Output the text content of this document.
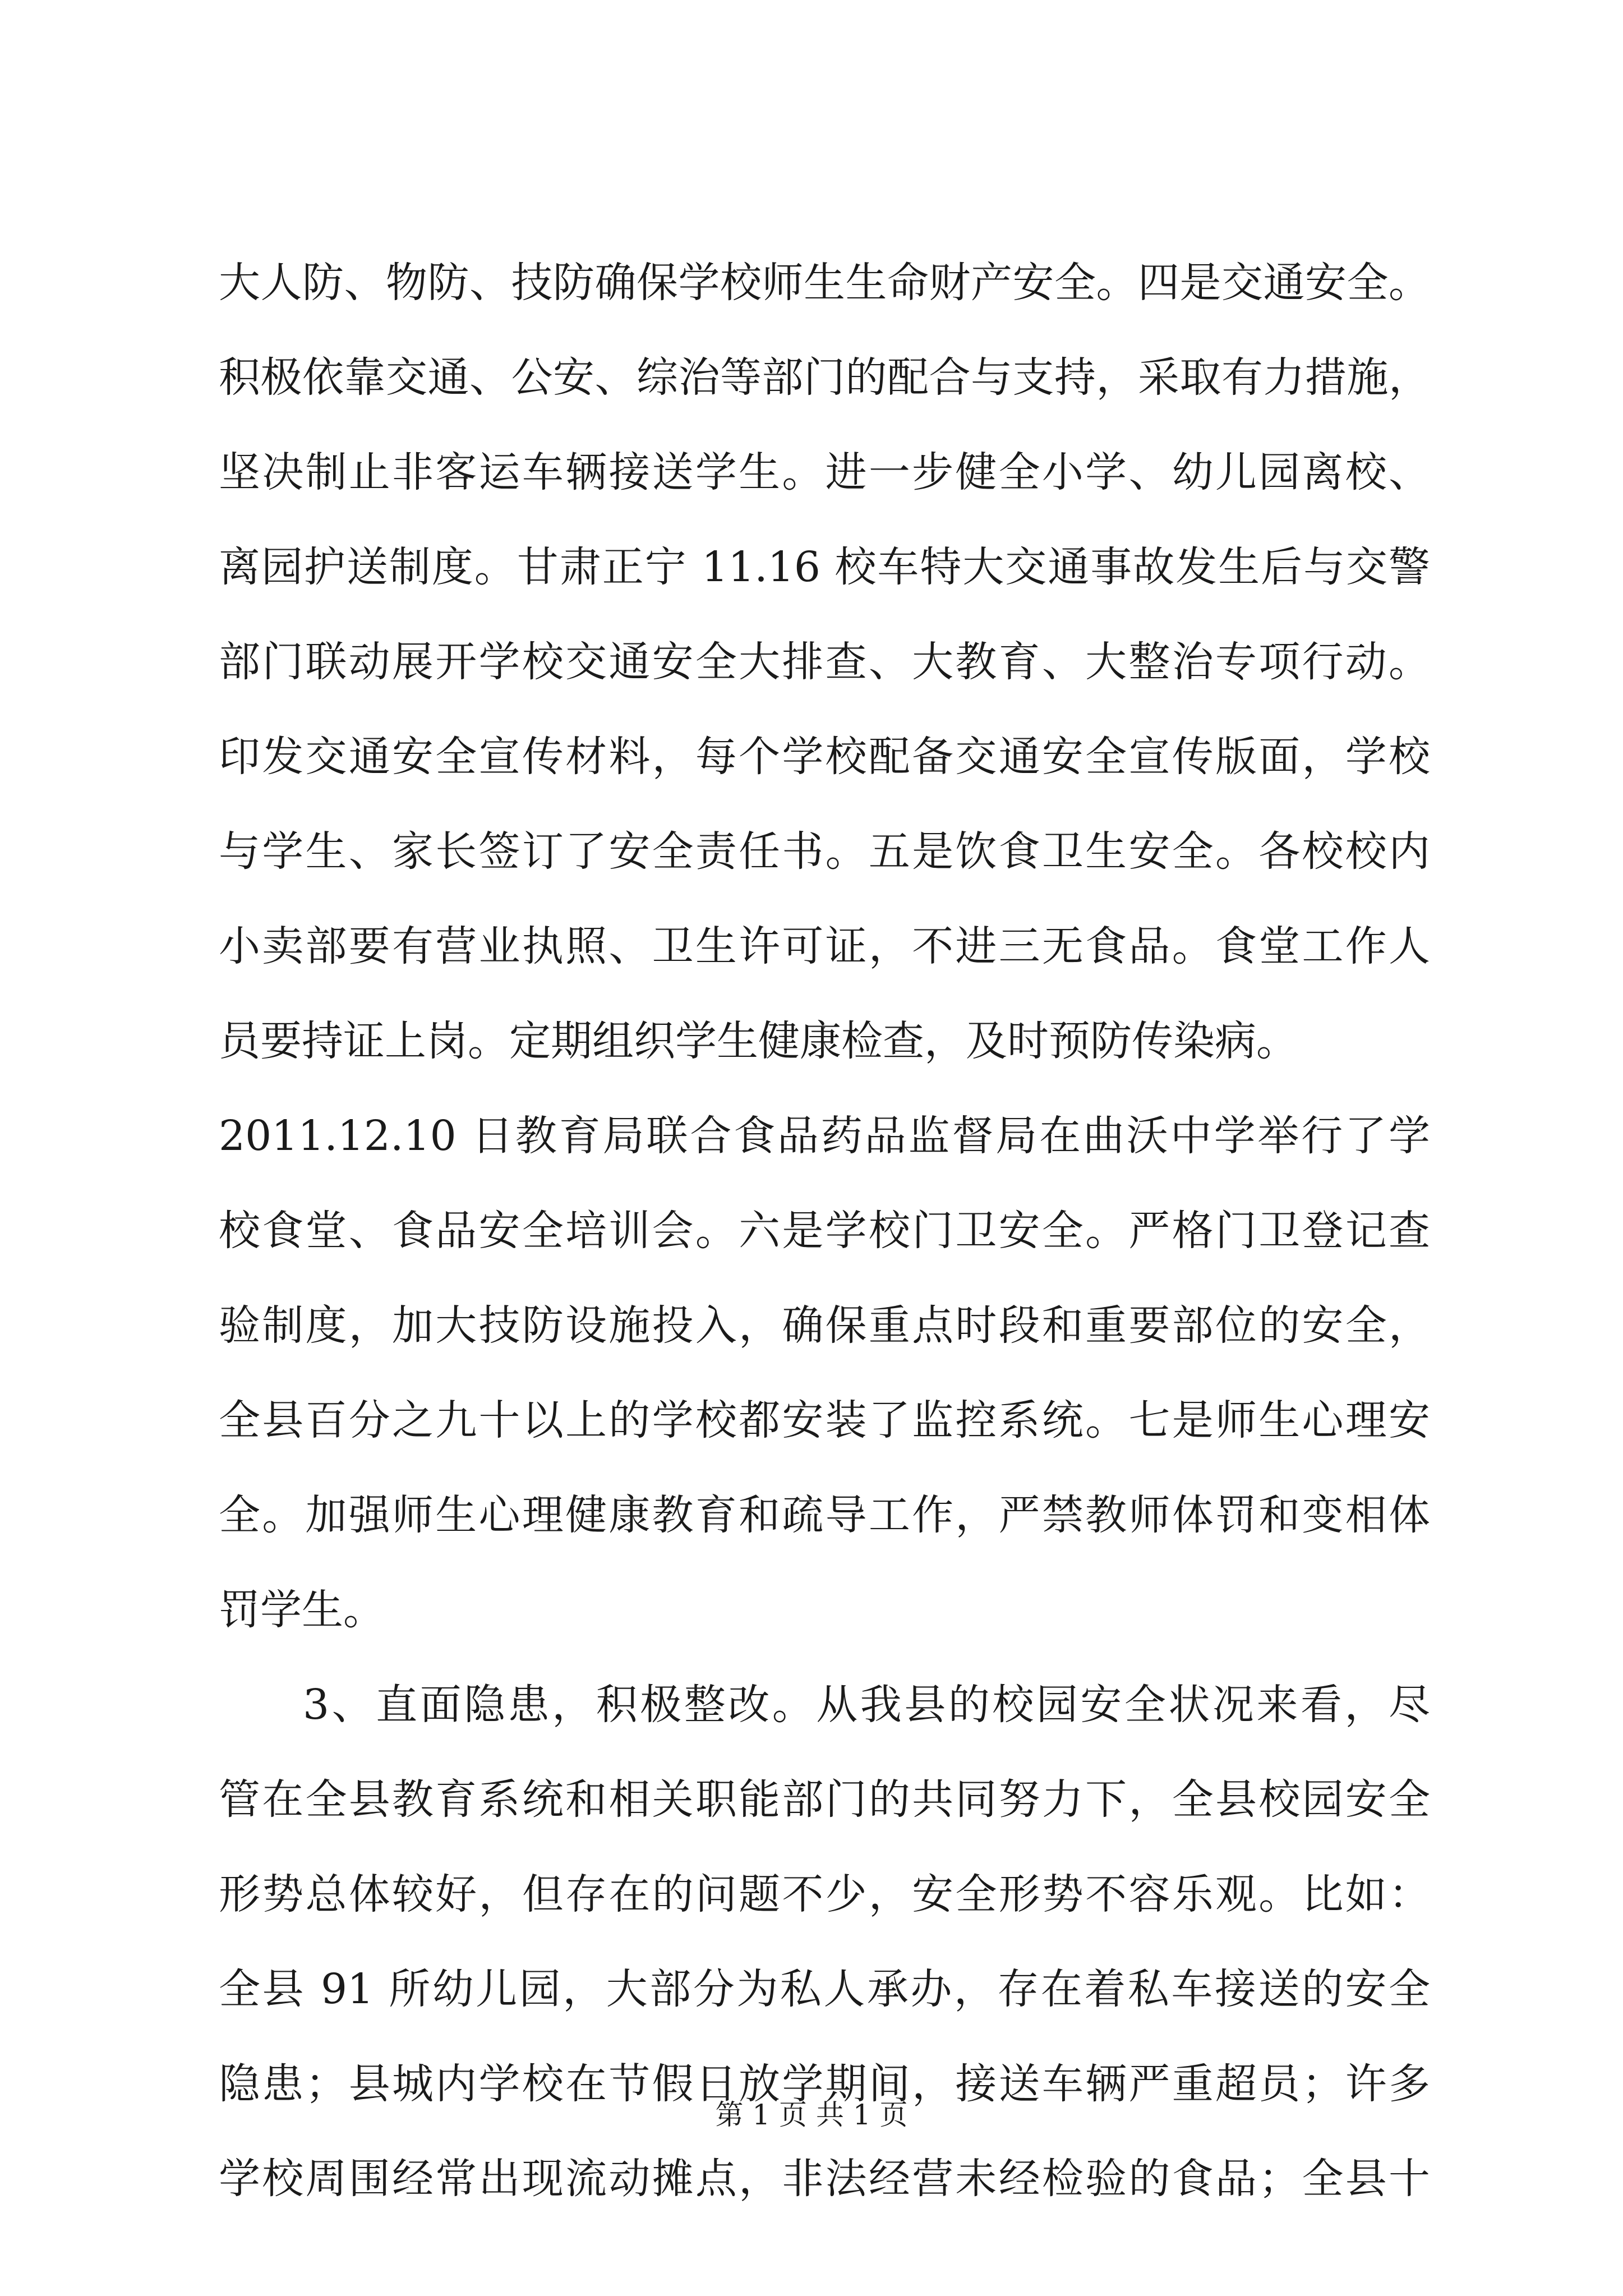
大人防、物防、技防确保学校师生生命财产安全。四是交通安全。
积极依靠交通、公安、综治等部门的配合与支持，采取有力措施，
坚决制止非客运车辆接送学生。进一步健全小学、幼儿园离校、
离园护送制度。甘肃正宁 11.16 校车特大交通事故发生后与交警
部门联动展开学校交通安全大排查、大教育、大整治专项行动。
印发交通安全宣传材料，每个学校配备交通安全宣传版面，学校
与学生、家长签订了安全责任书。五是饮食卫生安全。各校校内
小卖部要有营业执照、卫生许可证，不进三无食品。食堂工作人
员要持证上岗。定期组织学生健康检查，及时预防传染病。
2011.12.10 日教育局联合食品药品监督局在曲沃中学举行了学
校食堂、食品安全培训会。六是学校门卫安全。严格门卫登记查
验制度，加大技防设施投入，确保重点时段和重要部位的安全，
全县百分之九十以上的学校都安装了监控系统。七是师生心理安
全。加强师生心理健康教育和疏导工作，严禁教师体罚和变相体
罚学生。
3、直面隐患，积极整改。从我县的校园安全状况来看，尽
管在全县教育系统和相关职能部门的共同努力下，全县校园安全
形势总体较好，但存在的问题不少，安全形势不容乐观。比如：
全县 91 所幼儿园，大部分为私人承办，存在着私车接送的安全
隐患；县城内学校在节假日放学期间，接送车辆严重超员；许多
学校周围经常出现流动摊点，非法经营未经检验的食品；全县十
第 1 页 共 1 页
